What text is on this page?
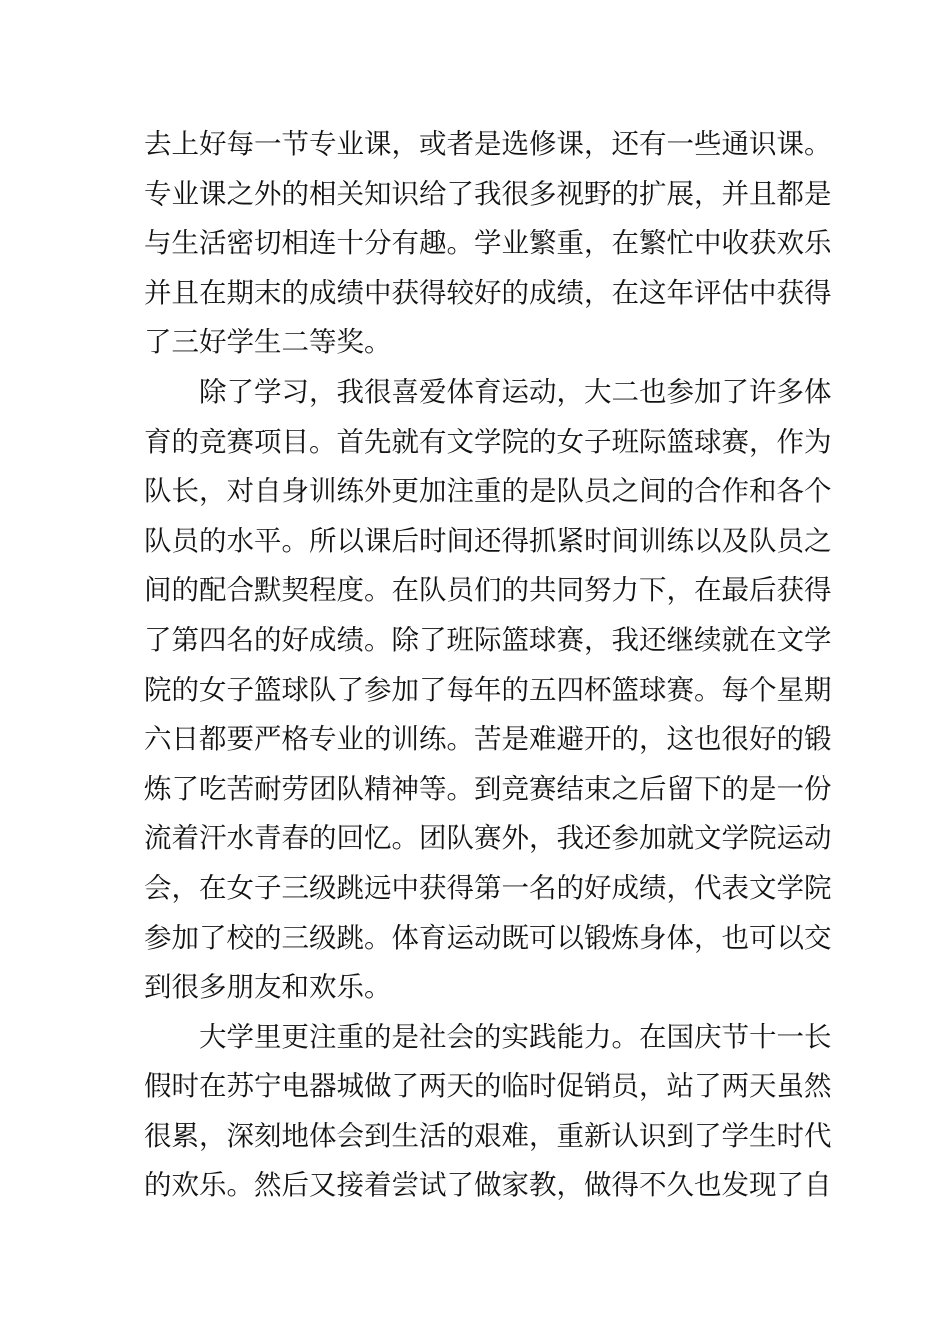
去上好每一节专业课，或者是选修课，还有一些通识课。
专业课之外的相关知识给了我很多视野的扩展，并且都是
与生活密切相连十分有趣。学业繁重，在繁忙中收获欢乐
并且在期末的成绩中获得较好的成绩，在这年评估中获得
了三好学生二等奖。
除了学习，我很喜爱体育运动，大二也参加了许多体
育的竞赛项目。首先就有文学院的女子班际篮球赛，作为
队长，对自身训练外更加注重的是队员之间的合作和各个
队员的水平。所以课后时间还得抓紧时间训练以及队员之
间的配合默契程度。在队员们的共同努力下，在最后获得
了第四名的好成绩。除了班际篮球赛，我还继续就在文学
院的女子篮球队了参加了每年的五四杯篮球赛。每个星期
六日都要严格专业的训练。苦是难避开的，这也很好的锻
炼了吃苦耐劳团队精神等。到竞赛结束之后留下的是一份
流着汗水青春的回忆。团队赛外，我还参加就文学院运动
会，在女子三级跳远中获得第一名的好成绩，代表文学院
参加了校的三级跳。体育运动既可以锻炼身体，也可以交
到很多朋友和欢乐。
大学里更注重的是社会的实践能力。在国庆节十一长
假时在苏宁电器城做了两天的临时促销员，站了两天虽然
很累，深刻地体会到生活的艰难，重新认识到了学生时代
的欢乐。然后又接着尝试了做家教，做得不久也发现了自
